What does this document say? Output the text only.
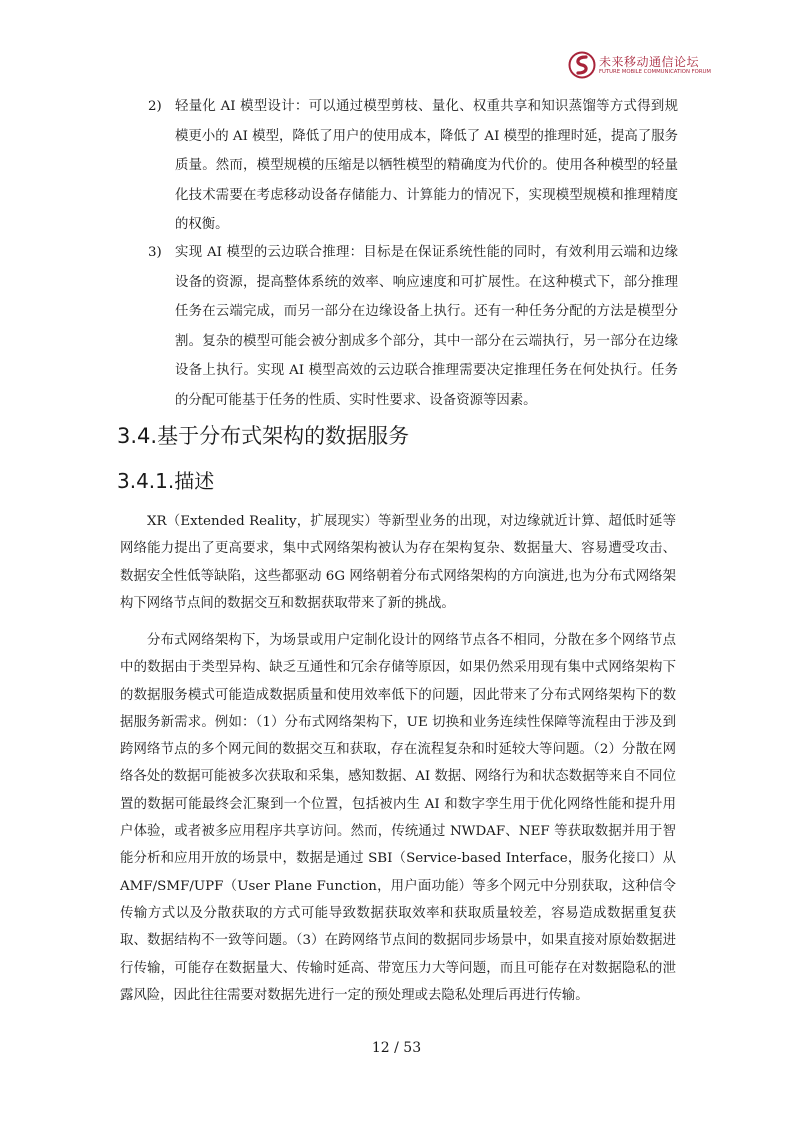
未来移动通信论坛
FUTURE MOBILE COMMUNICATION FORUM
2) 轻量化 AI 模型设计：可以通过模型剪枝、量化、权重共享和知识蒸馏等方式得到规模更小的 AI 模型，降低了用户的使用成本，降低了 AI 模型的推理时延，提高了服务质量。然而，模型规模的压缩是以牺牲模型的精确度为代价的。使用各种模型的轻量化技术需要在考虑移动设备存储能力、计算能力的情况下，实现模型规模和推理精度的权衡。
3) 实现 AI 模型的云边联合推理：目标是在保证系统性能的同时，有效利用云端和边缘设备的资源，提高整体系统的效率、响应速度和可扩展性。在这种模式下，部分推理任务在云端完成，而另一部分在边缘设备上执行。还有一种任务分配的方法是模型分割。复杂的模型可能会被分割成多个部分，其中一部分在云端执行，另一部分在边缘设备上执行。实现 AI 模型高效的云边联合推理需要决定推理任务在何处执行。任务的分配可能基于任务的性质、实时性要求、设备资源等因素。
3.4.基于分布式架构的数据服务
3.4.1.描述

XR（Extended Reality，扩展现实）等新型业务的出现，对边缘就近计算、超低时延等网络能力提出了更高要求，集中式网络架构被认为存在架构复杂、数据量大、容易遭受攻击、数据安全性低等缺陷，这些都驱动 6G 网络朝着分布式网络架构的方向演进,也为分布式网络架构下网络节点间的数据交互和数据获取带来了新的挑战。

分布式网络架构下，为场景或用户定制化设计的网络节点各不相同，分散在多个网络节点中的数据由于类型异构、缺乏互通性和冗余存储等原因，如果仍然采用现有集中式网络架构下的数据服务模式可能造成数据质量和使用效率低下的问题，因此带来了分布式网络架构下的数据服务新需求。例如：（1）分布式网络架构下，UE 切换和业务连续性保障等流程由于涉及到跨网络节点的多个网元间的数据交互和获取，存在流程复杂和时延较大等问题。（2）分散在网络各处的数据可能被多次获取和采集，感知数据、AI 数据、网络行为和状态数据等来自不同位置的数据可能最终会汇聚到一个位置，包括被内生 AI 和数字孪生用于优化网络性能和提升用户体验，或者被多应用程序共享访问。然而，传统通过 NWDAF、NEF 等获取数据并用于智能分析和应用开放的场景中，数据是通过 SBI（Service-based Interface，服务化接口）从 AMF/SMF/UPF（User Plane Function，用户面功能）等多个网元中分别获取，这种信令传输方式以及分散获取的方式可能导致数据获取效率和获取质量较差，容易造成数据重复获取、数据结构不一致等问题。（3）在跨网络节点间的数据同步场景中，如果直接对原始数据进行传输，可能存在数据量大、传输时延高、带宽压力大等问题，而且可能存在对数据隐私的泄露风险，因此往往需要对数据先进行一定的预处理或去隐私处理后再进行传输。

12 / 53
